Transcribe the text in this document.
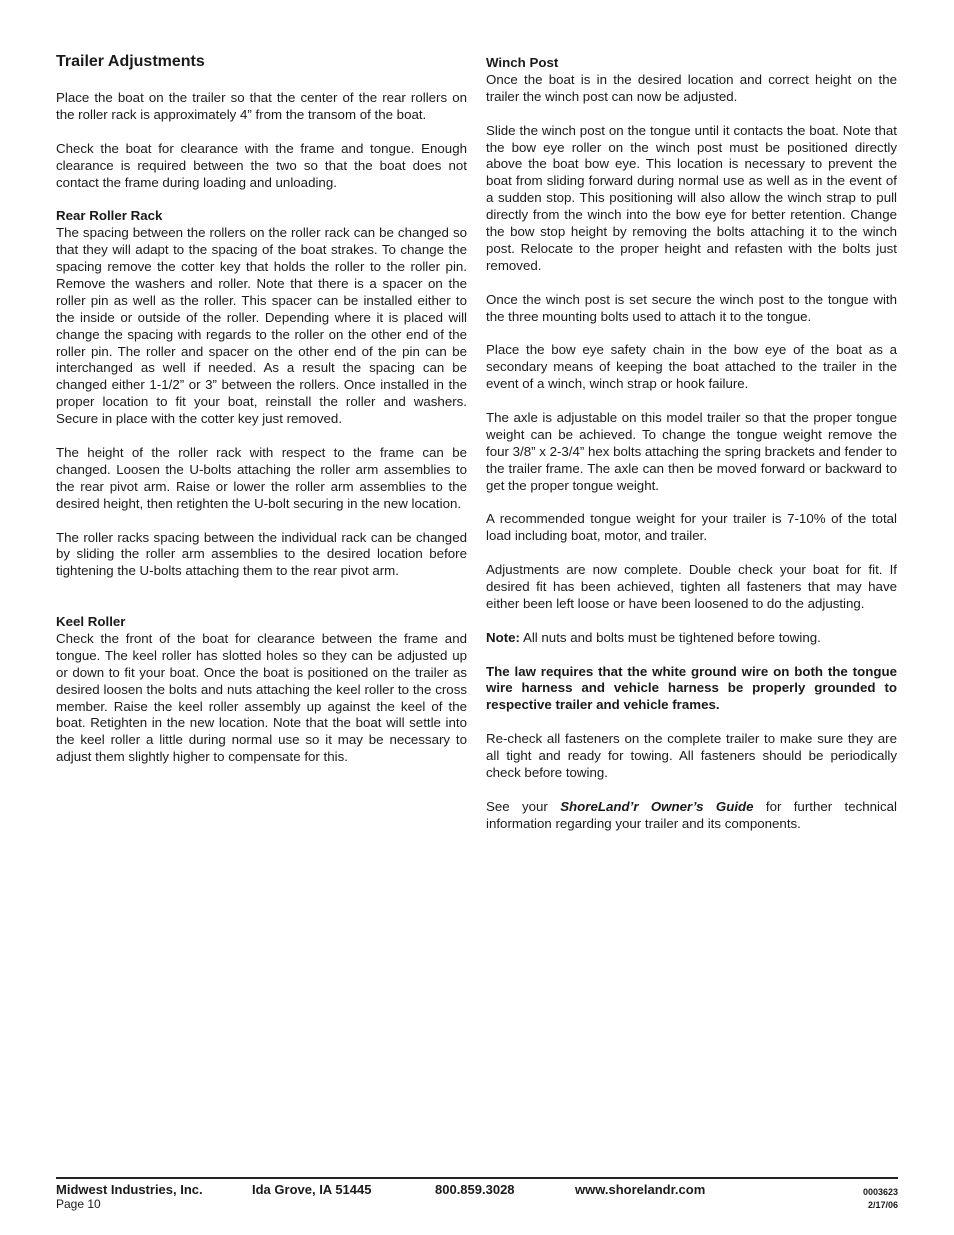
Trailer Adjustments

Place the boat on the trailer so that the center of the rear rollers on the roller rack is approximately 4” from the transom of the boat.

Check the boat for clearance with the frame and tongue. Enough clearance is required between the two so that the boat does not contact the frame during loading and unloading.

Rear Roller Rack

The spacing between the rollers on the roller rack can be changed so that they will adapt to the spacing of the boat strakes. To change the spacing remove the cotter key that holds the roller to the roller pin. Remove the washers and roller. Note that there is a spacer on the roller pin as well as the roller. This spacer can be installed either to the inside or outside of the roller. Depending where it is placed will change the spacing with regards to the roller on the other end of the roller pin. The roller and spacer on the other end of the pin can be interchanged as well if needed. As a result the spacing can be changed either 1-1/2” or 3” between the rollers. Once installed in the proper location to fit your boat, reinstall the roller and washers. Secure in place with the cotter key just removed.

The height of the roller rack with respect to the frame can be changed. Loosen the U-bolts attaching the roller arm assemblies to the rear pivot arm. Raise or lower the roller arm assemblies to the desired height, then retighten the U-bolt securing in the new location.

The roller racks spacing between the individual rack can be changed by sliding the roller arm assemblies to the desired location before tightening the U-bolts attaching them to the rear pivot arm.

Keel Roller

Check the front of the boat for clearance between the frame and tongue. The keel roller has slotted holes so they can be adjusted up or down to fit your boat. Once the boat is positioned on the trailer as desired loosen the bolts and nuts attaching the keel roller to the cross member. Raise the keel roller assembly up against the keel of the boat. Retighten in the new location. Note that the boat will settle into the keel roller a little during normal use so it may be necessary to adjust them slightly higher to compensate for this.

Winch Post

Once the boat is in the desired location and correct height on the trailer the winch post can now be adjusted.

Slide the winch post on the tongue until it contacts the boat. Note that the bow eye roller on the winch post must be positioned directly above the boat bow eye. This location is necessary to prevent the boat from sliding forward during normal use as well as in the event of a sudden stop. This positioning will also allow the winch strap to pull directly from the winch into the bow eye for better retention. Change the bow stop height by removing the bolts attaching it to the winch post. Relocate to the proper height and refasten with the bolts just removed.

Once the winch post is set secure the winch post to the tongue with the three mounting bolts used to attach it to the tongue.

Place the bow eye safety chain in the bow eye of the boat as a secondary means of keeping the boat attached to the trailer in the event of a winch, winch strap or hook failure.

The axle is adjustable on this model trailer so that the proper tongue weight can be achieved. To change the tongue weight remove the four 3/8” x 2-3/4” hex bolts attaching the spring brackets and fender to the trailer frame. The axle can then be moved forward or backward to get the proper tongue weight.

A recommended tongue weight for your trailer is 7-10% of the total load including boat, motor, and trailer.

Adjustments are now complete. Double check your boat for fit. If desired fit has been achieved, tighten all fasteners that may have either been left loose or have been loosened to do the adjusting.

Note: All nuts and bolts must be tightened before towing.

The law requires that the white ground wire on both the tongue wire harness and vehicle harness be properly grounded to respective trailer and vehicle frames.

Re-check all fasteners on the complete trailer to make sure they are all tight and ready for towing. All fasteners should be periodically check before towing.

See your ShoreLand’r Owner’s Guide for further technical information regarding your trailer and its components.

Midwest Industries, Inc.	Ida Grove, IA 51445	800.859.3028	www.shorelandr.com
Page 10
0003623
2/17/06
